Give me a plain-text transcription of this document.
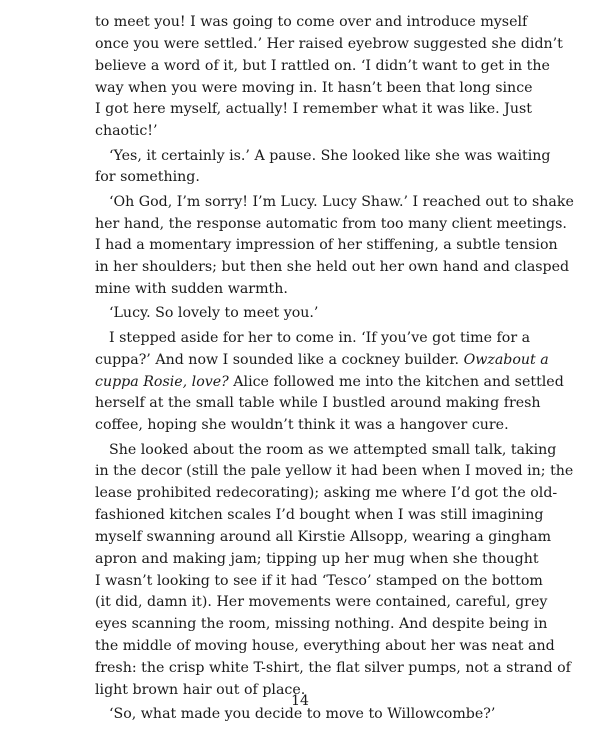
to meet you! I was going to come over and introduce myself
once you were settled.’ Her raised eyebrow suggested she didn’t
believe a word of it, but I rattled on. ‘I didn’t want to get in the
way when you were moving in. It hasn’t been that long since
I got here myself, actually! I remember what it was like. Just
chaotic!’
‘Yes, it certainly is.’ A pause. She looked like she was waiting
for something.
‘Oh God, I’m sorry! I’m Lucy. Lucy Shaw.’ I reached out to shake
her hand, the response automatic from too many client meetings.
I had a momentary impression of her stiffening, a subtle tension
in her shoulders; but then she held out her own hand and clasped
mine with sudden warmth.
‘Lucy. So lovely to meet you.’
I stepped aside for her to come in. ‘If you’ve got time for a
cuppa?’ And now I sounded like a cockney builder. Owzabout a
cuppa Rosie, love? Alice followed me into the kitchen and settled
herself at the small table while I bustled around making fresh
coffee, hoping she wouldn’t think it was a hangover cure.
She looked about the room as we attempted small talk, taking
in the decor (still the pale yellow it had been when I moved in; the
lease prohibited redecorating); asking me where I’d got the old-
fashioned kitchen scales I’d bought when I was still imagining
myself swanning around all Kirstie Allsopp, wearing a gingham
apron and making jam; tipping up her mug when she thought
I wasn’t looking to see if it had ‘Tesco’ stamped on the bottom
(it did, damn it). Her movements were contained, careful, grey
eyes scanning the room, missing nothing. And despite being in
the middle of moving house, everything about her was neat and
fresh: the crisp white T-shirt, the flat silver pumps, not a strand of
light brown hair out of place.
‘So, what made you decide to move to Willowcombe?’
14
